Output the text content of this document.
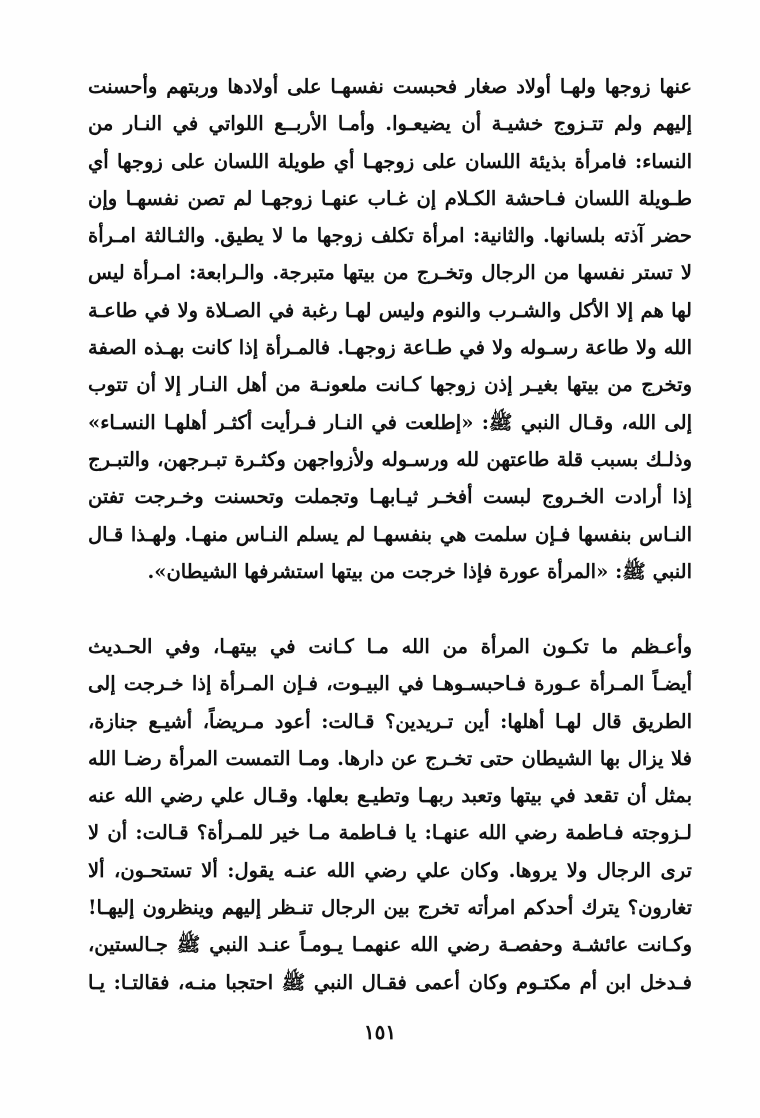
عنها زوجها ولهـا أولاد صغار فحبست نفسهـا على أولادها وربتهم وأحسنت
إليهم ولم تتـزوج خشيـة أن يضيعـوا. وأمـا الأربــع اللواتي في النـار من
النساء: فامرأة بذيئة اللسان على زوجهـا أي طويلة اللسان على زوجها أي
طـويلة اللسان فـاحشة الكـلام إن غـاب عنهـا زوجهـا لم تصن نفسهـا وإن
حضر آذته بلسانها. والثانية: امرأة تكلف زوجها ما لا يطيق. والثـالثة امـرأة
لا تستر نفسها من الرجال وتخـرج من بيتها متبرجة. والـرابعة: امـرأة ليس
لها هم إلا الأكل والشـرب والنوم وليس لهـا رغبة في الصـلاة ولا في طاعـة
الله ولا طاعة رسـوله ولا في طـاعة زوجهـا. فالمـرأة إذا كانت بهـذه الصفة
وتخرج من بيتها بغيـر إذن زوجها كـانت ملعونـة من أهل النـار إلا أن تتوب
إلى الله، وقـال النبي ﷺ: «إطلعت في النـار فـرأيت أكثـر أهلهـا النسـاء»
وذلـك بسبب قلة طاعتهن لله ورسـوله ولأزواجهن وكثـرة تبـرجهن، والتبـرج
إذا أرادت الخـروج لبست أفخـر ثيـابهـا وتجملت وتحسنت وخـرجت تفتن
النـاس بنفسها فـإن سلمت هي بنفسهـا لم يسلم النـاس منهـا. ولهـذا قـال
النبي ﷺ: «المرأة عورة فإذا خرجت من بيتها استشرفها الشيطان».
وأعـظم ما تكـون المرأة من الله مـا كـانت في بيتهـا، وفي الحـديث
أيضـاً المـرأة عـورة فـاحبسـوهـا في البيـوت، فـإن المـرأة إذا خـرجت إلى
الطريق قال لهـا أهلها: أين تـريدين؟ قـالت: أعود مـريضاً، أشيـع جنازة،
فلا يزال بها الشيطان حتى تخـرج عن دارها. ومـا التمست المرأة رضـا الله
بمثل أن تقعد في بيتها وتعبد ربهـا وتطيـع بعلها. وقـال علي رضي الله عنه
لـزوجته فـاطمة رضي الله عنهـا: يا فـاطمة مـا خير للمـرأة؟ قـالت: أن لا
ترى الرجال ولا يروها. وكان علي رضي الله عنـه يقول: ألا تستحـون، ألا
تغارون؟ يترك أحدكم امرأته تخرج بين الرجال تنـظر إليهم وينظرون إليهـا!
وكـانت عائشـة وحفصـة رضي الله عنهمـا يـومـاً عنـد النبي ﷺ جـالستين،
فـدخل ابن أم مكتـوم وكان أعمى فقـال النبي ﷺ احتجبا منـه، فقالتـا: يـا
١٥١
